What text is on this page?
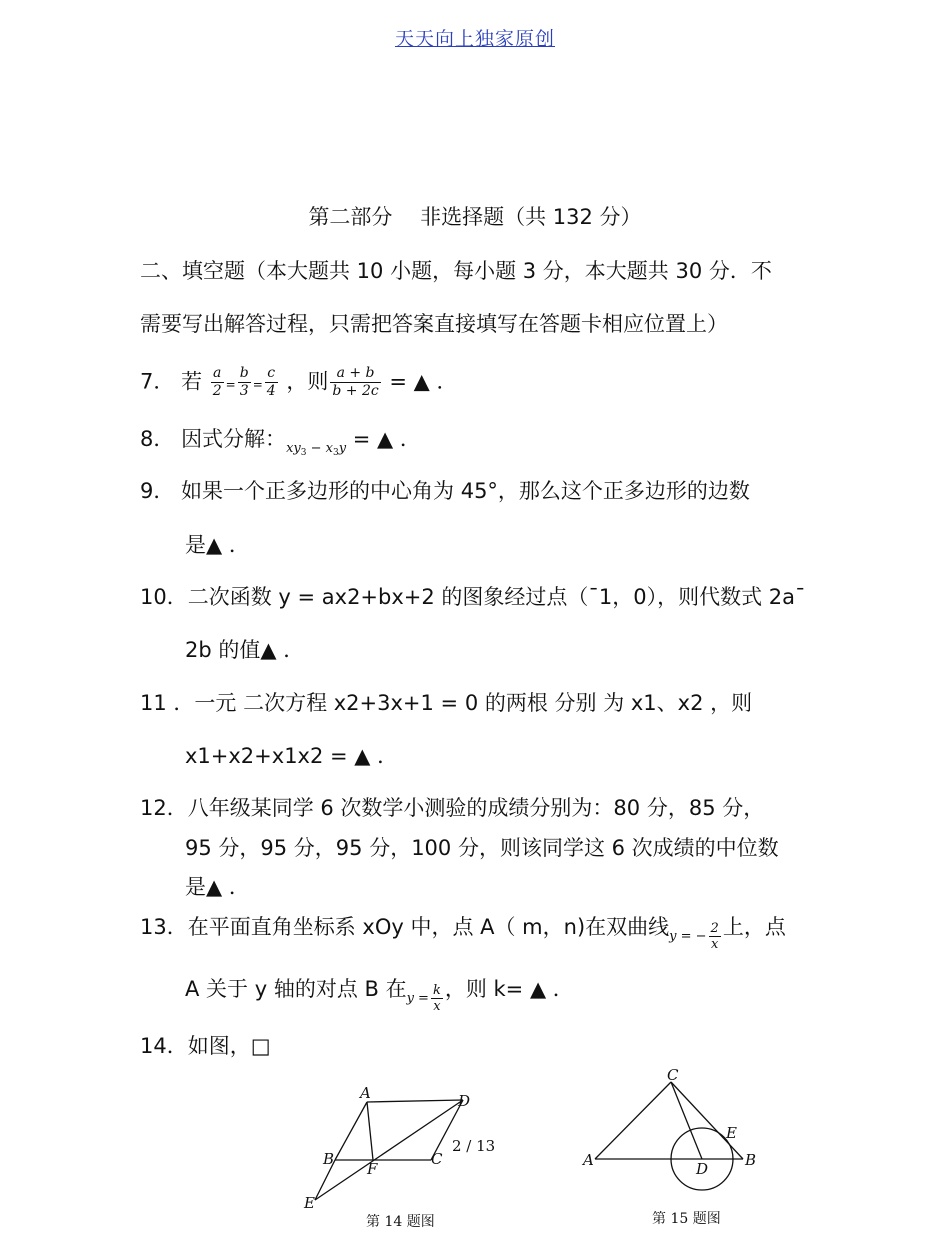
天天向上独家原创
第二部分　 非选择题（共 132 分）
二、填空题（本大题共 10 小题，每小题 3 分，本大题共 30 分．不
需要写出解答过程，只需把答案直接填写在答题卡相应位置上）
7． 若 $\frac{a}{2} = \frac{b}{3} = \frac{c}{4}$ ，则 $\frac{a + b}{b + 2c}$ = ▲ ．
8． 因式分解：$_{xy_3 - x_3y}$ = ▲ ．
9． 如果一个正多边形的中心角为 45°，那么这个正多边形的边数
是▲ ．
10．二次函数 y = ax2+bx+2 的图象经过点（¯1，0），则代数式 2a¯
2b 的值▲ ．
11 ．一元 二次方程 x2+3x+1 = 0 的两根 分别 为 x1、x2 ，则
x1+x2+x1x2 = ▲ ．
12．八年级某同学 6 次数学小测验的成绩分别为：80 分，85 分，
95 分，95 分，95 分，100 分，则该同学这 6 次成绩的中位数
是▲ ．
13．在平面直角坐标系 xOy 中，点 A（ m，n)在双曲线$_{y = - \frac{2}{x}}$ 上，点
A 关于 y 轴的对点 B 在$_{y = \frac{k}{x}}$ ，则 k= ▲ ．
14．如图，□
A	D
B	C
F
E
第 14 题图
2 / 13
C
A	B
D
E
第 15 题图
